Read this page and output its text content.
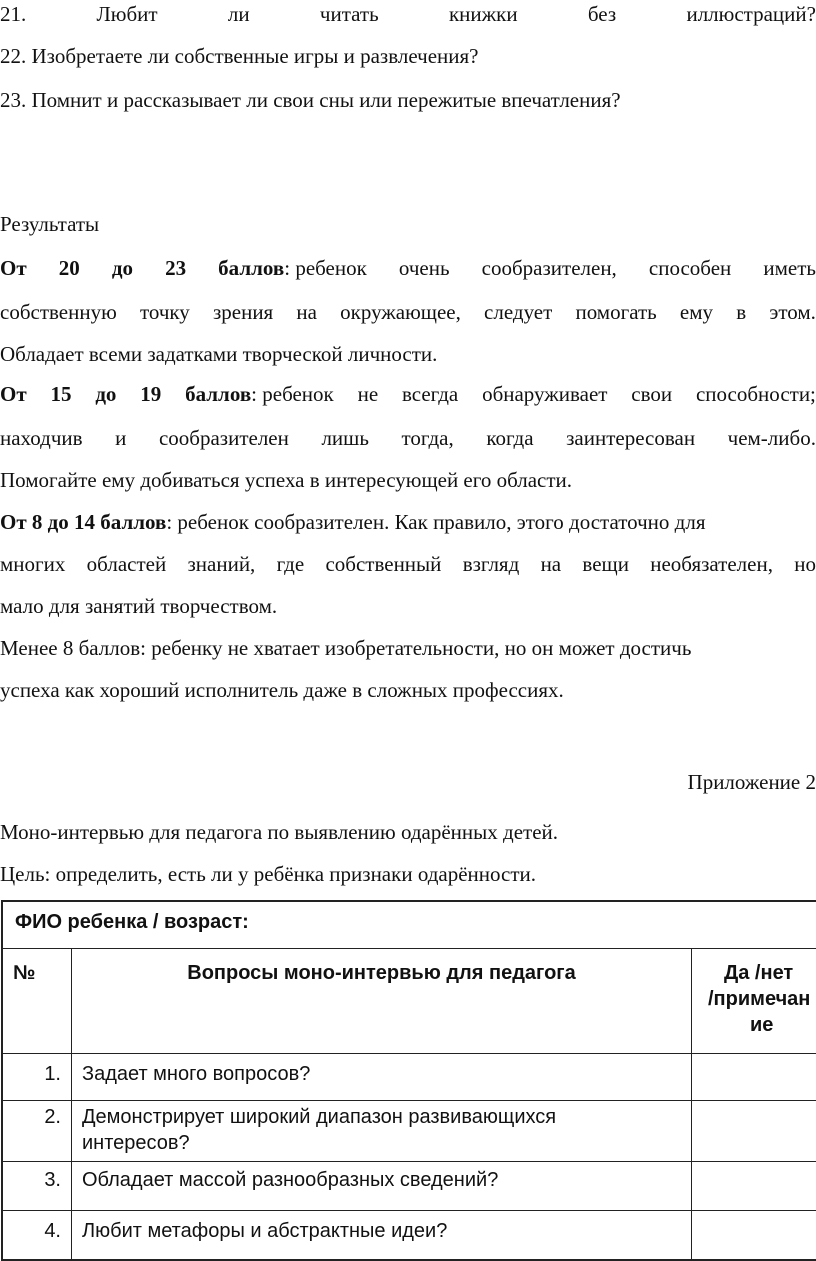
21.	Любит	ли	читать	книжки	без	иллюстраций?
22. Изобретаете ли собственные игры и развлечения?
23. Помнит и рассказывает ли свои сны или пережитые впечатления?
Результаты
От 20 до 23 баллов: ребенок очень сообразителен, способен иметь
собственную точку зрения на окружающее, следует помогать ему в этом.
Обладает всеми задатками творческой личности.
От 15 до 19 баллов: ребенок не всегда обнаруживает свои способности;
находчив и сообразителен лишь тогда, когда заинтересован чем-либо.
Помогайте ему добиваться успеха в интересующей его области.
От 8 до 14 баллов: ребенок сообразителен. Как правило, этого достаточно для
многих областей знаний, где собственный взгляд на вещи необязателен, но
мало для занятий творчеством.
Менее 8 баллов: ребенку не хватает изобретательности, но он может достичь
успеха как хороший исполнитель даже в сложных профессиях.
Приложение 2
Моно-интервью для педагога по выявлению одарённых детей.
Цель: определить, есть ли у ребёнка признаки одарённости.
ФИО ребенка / возраст:
№	Вопросы моно-интервью для педагога	Да /нет
/примечан
ие
1. Задает много вопросов?
2. Демонстрирует широкий диапазон развивающихся
интересов?
3. Обладает массой разнообразных сведений?
4. Любит метафоры и абстрактные идеи?
